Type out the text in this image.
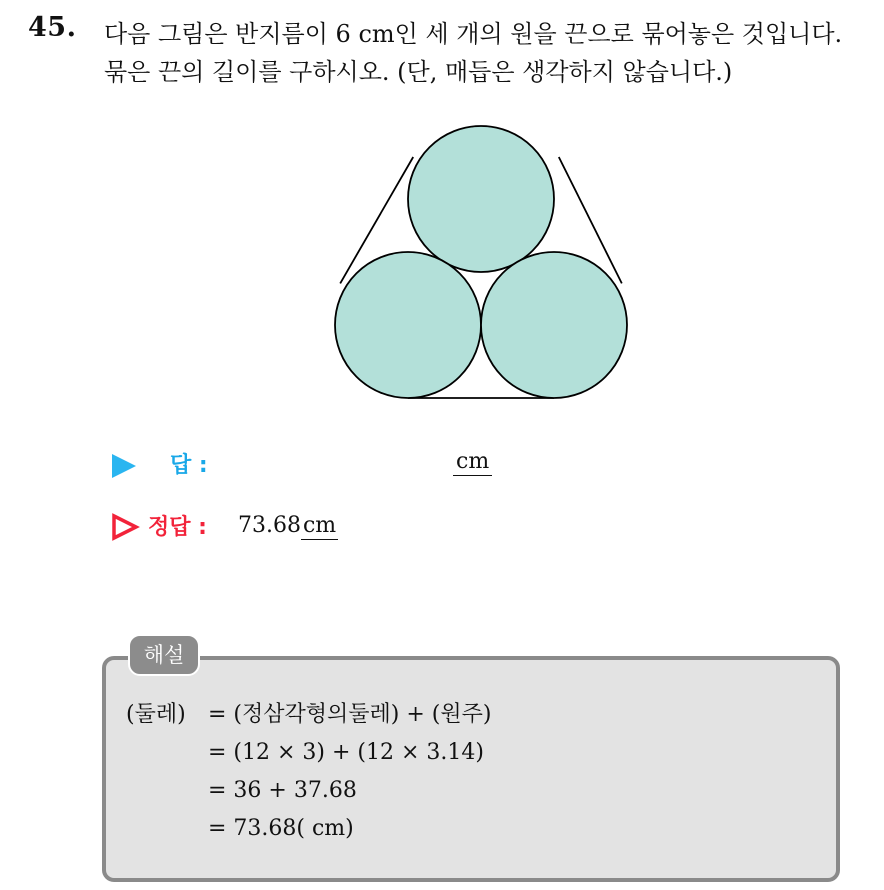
45. 다음 그림은 반지름이 6 cm인 세 개의 원을 끈으로 묶어놓은 것입니다.
묶은 끈의 길이를 구하시오. (단, 매듭은 생각하지 않습니다.)
답 :	cm
정답 : 73.68cm
해설
(둘레) = (정삼각형의둘레) + (원주)
= (12 × 3) + (12 × 3.14)
= 36 + 37.68
= 73.68( cm)
